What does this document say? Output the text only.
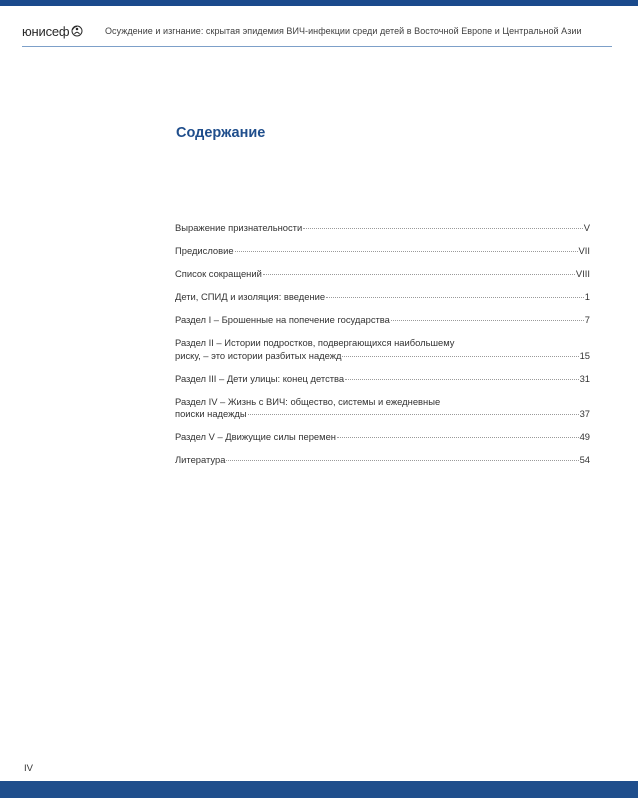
юнисеф	Осуждение и изгнание: скрытая эпидемия ВИЧ-инфекции среди детей в Восточной Европе и Центральной Азии
Содержание
Выражение признательности	V
Предисловие	VII
Список сокращений	VIII
Дети, СПИД и изоляция: введение	1
Раздел I – Брошенные на попечение государства	7
Раздел II – Истории подростков, подвергающихся наибольшему
риску, – это истории разбитых надежд	15
Раздел III – Дети улицы: конец детства	31
Раздел IV – Жизнь с ВИЧ: общество, системы и ежедневные
поиски надежды	37
Раздел V – Движущие силы перемен	49
Литература	54
IV
